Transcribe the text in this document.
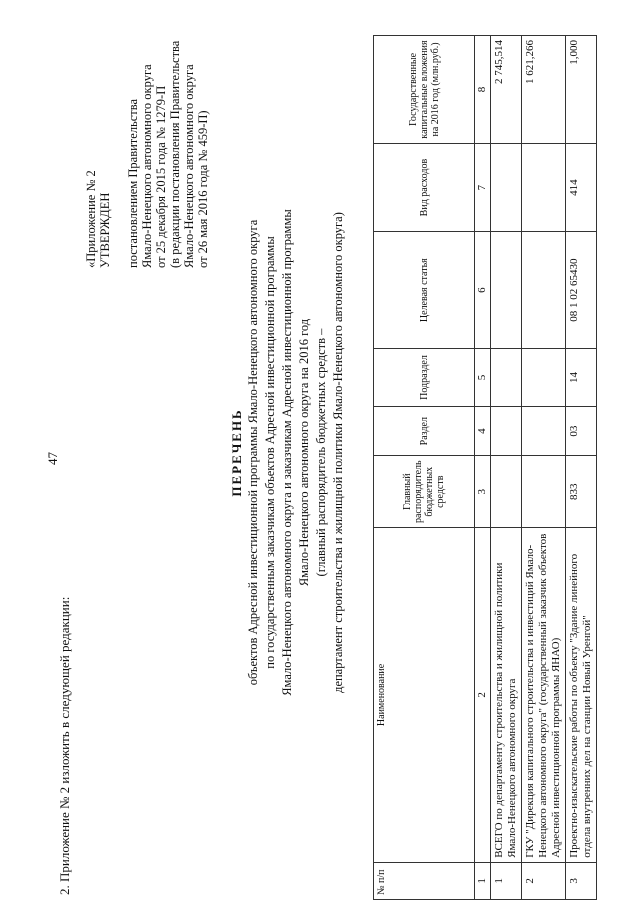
47
2. Приложение № 2 изложить в следующей редакции:
«Приложение № 2 УТВЕРЖДЕН
постановлением Правительства Ямало-Ненецкого автономного округа от 25 декабря 2015 года № 1279-П (в редакции постановления Правительства Ямало-Ненецкого автономного округа от 26 мая 2016 года № 459-П)
ПЕРЕЧЕНЬ объектов Адресной инвестиционной программы Ямало-Ненецкого автономного округа по государственным заказчикам объектов Адресной инвестиционной программы Ямало-Ненецкого автономного округа и заказчикам Адресной инвестиционной программы Ямало-Ненецкого автономного округа на 2016 год (главный распорядитель бюджетных средств – департамент строительства и жилищной политики Ямало-Ненецкого автономного округа)
№ п/п	Наименование	Главный распорядитель бюджетных средств	Раздел	Подраздел	Целевая статья	Вид расходов	Государственные капитальные вложения на 2016 год (млн.руб.)
1	2	3	4	5	6	7	8
1	ВСЕГО по департаменту строительства и жилищной политики Ямало-Ненецкого автономного округа						2 745,514
2	ГКУ "Дирекция капитального строительства и инвестиций Ямало-Ненецкого автономного округа" (государственный заказчик объектов Адресной инвестиционной программы ЯНАО)						1 621,266
3	Проектно-изыскательские работы по объекту "Здание линейного отдела внутренних дел на станции Новый Уренгой"	833	03	14	08 1 02 65430	414	1,000
